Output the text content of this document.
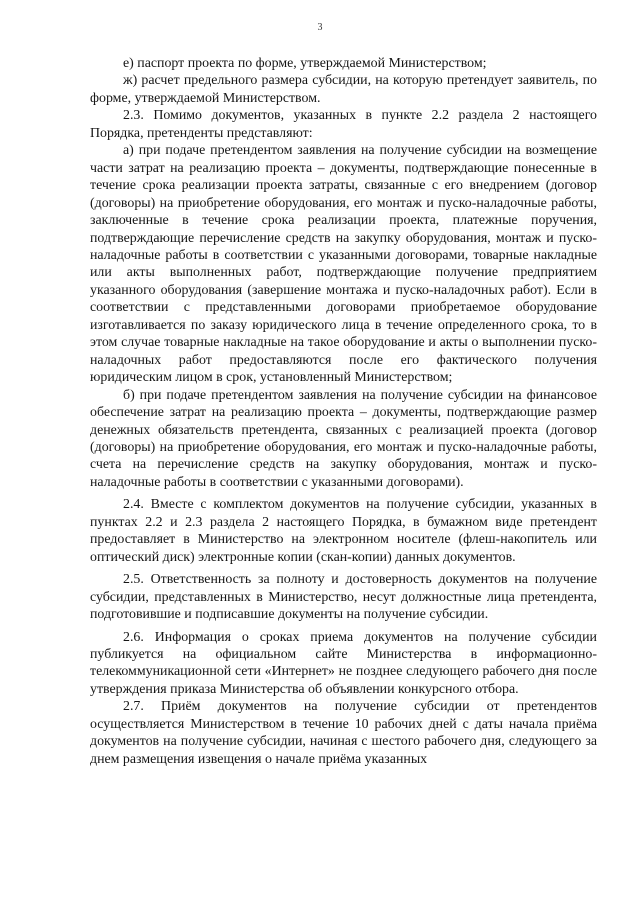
3

е) паспорт проекта по форме, утверждаемой Министерством;

ж) расчет предельного размера субсидии, на которую претендует заявитель, по форме, утверждаемой Министерством.

2.3. Помимо документов, указанных в пункте 2.2 раздела 2 настоящего Порядка, претенденты представляют:

а) при подаче претендентом заявления на получение субсидии на возмещение части затрат на реализацию проекта – документы, подтверждающие понесенные в течение срока реализации проекта затраты, связанные с его внедрением (договор (договоры) на приобретение оборудования, его монтаж и пуско-наладочные работы, заключенные в течение срока реализации проекта, платежные поручения, подтверждающие перечисление средств на закупку оборудования, монтаж и пуско-наладочные работы в соответствии с указанными договорами, товарные накладные или акты выполненных работ, подтверждающие получение предприятием указанного оборудования (завершение монтажа и пуско-наладочных работ). Если в соответствии с представленными договорами приобретаемое оборудование изготавливается по заказу юридического лица в течение определенного срока, то в этом случае товарные накладные на такое оборудование и акты о выполнении пуско-наладочных работ предоставляются после его фактического получения юридическим лицом в срок, установленный Министерством;

б) при подаче претендентом заявления на получение субсидии на финансовое обеспечение затрат на реализацию проекта – документы, подтверждающие размер денежных обязательств претендента, связанных с реализацией проекта (договор (договоры) на приобретение оборудования, его монтаж и пуско-наладочные работы, счета на перечисление средств на закупку оборудования, монтаж и пуско-наладочные работы в соответствии с указанными договорами).

2.4. Вместе с комплектом документов на получение субсидии, указанных в пунктах 2.2 и 2.3 раздела 2 настоящего Порядка, в бумажном виде претендент предоставляет в Министерство на электронном носителе (флеш-накопитель или оптический диск) электронные копии (скан-копии) данных документов.

2.5. Ответственность за полноту и достоверность документов на получение субсидии, представленных в Министерство, несут должностные лица претендента, подготовившие и подписавшие документы на получение субсидии.

2.6. Информация о сроках приема документов на получение субсидии публикуется на официальном сайте Министерства в информационно-телекоммуникационной сети «Интернет» не позднее следующего рабочего дня после утверждения приказа Министерства об объявлении конкурсного отбора.

2.7. Приём документов на получение субсидии от претендентов осуществляется Министерством в течение 10 рабочих дней с даты начала приёма документов на получение субсидии, начиная с шестого рабочего дня, следующего за днем размещения извещения о начале приёма указанных
